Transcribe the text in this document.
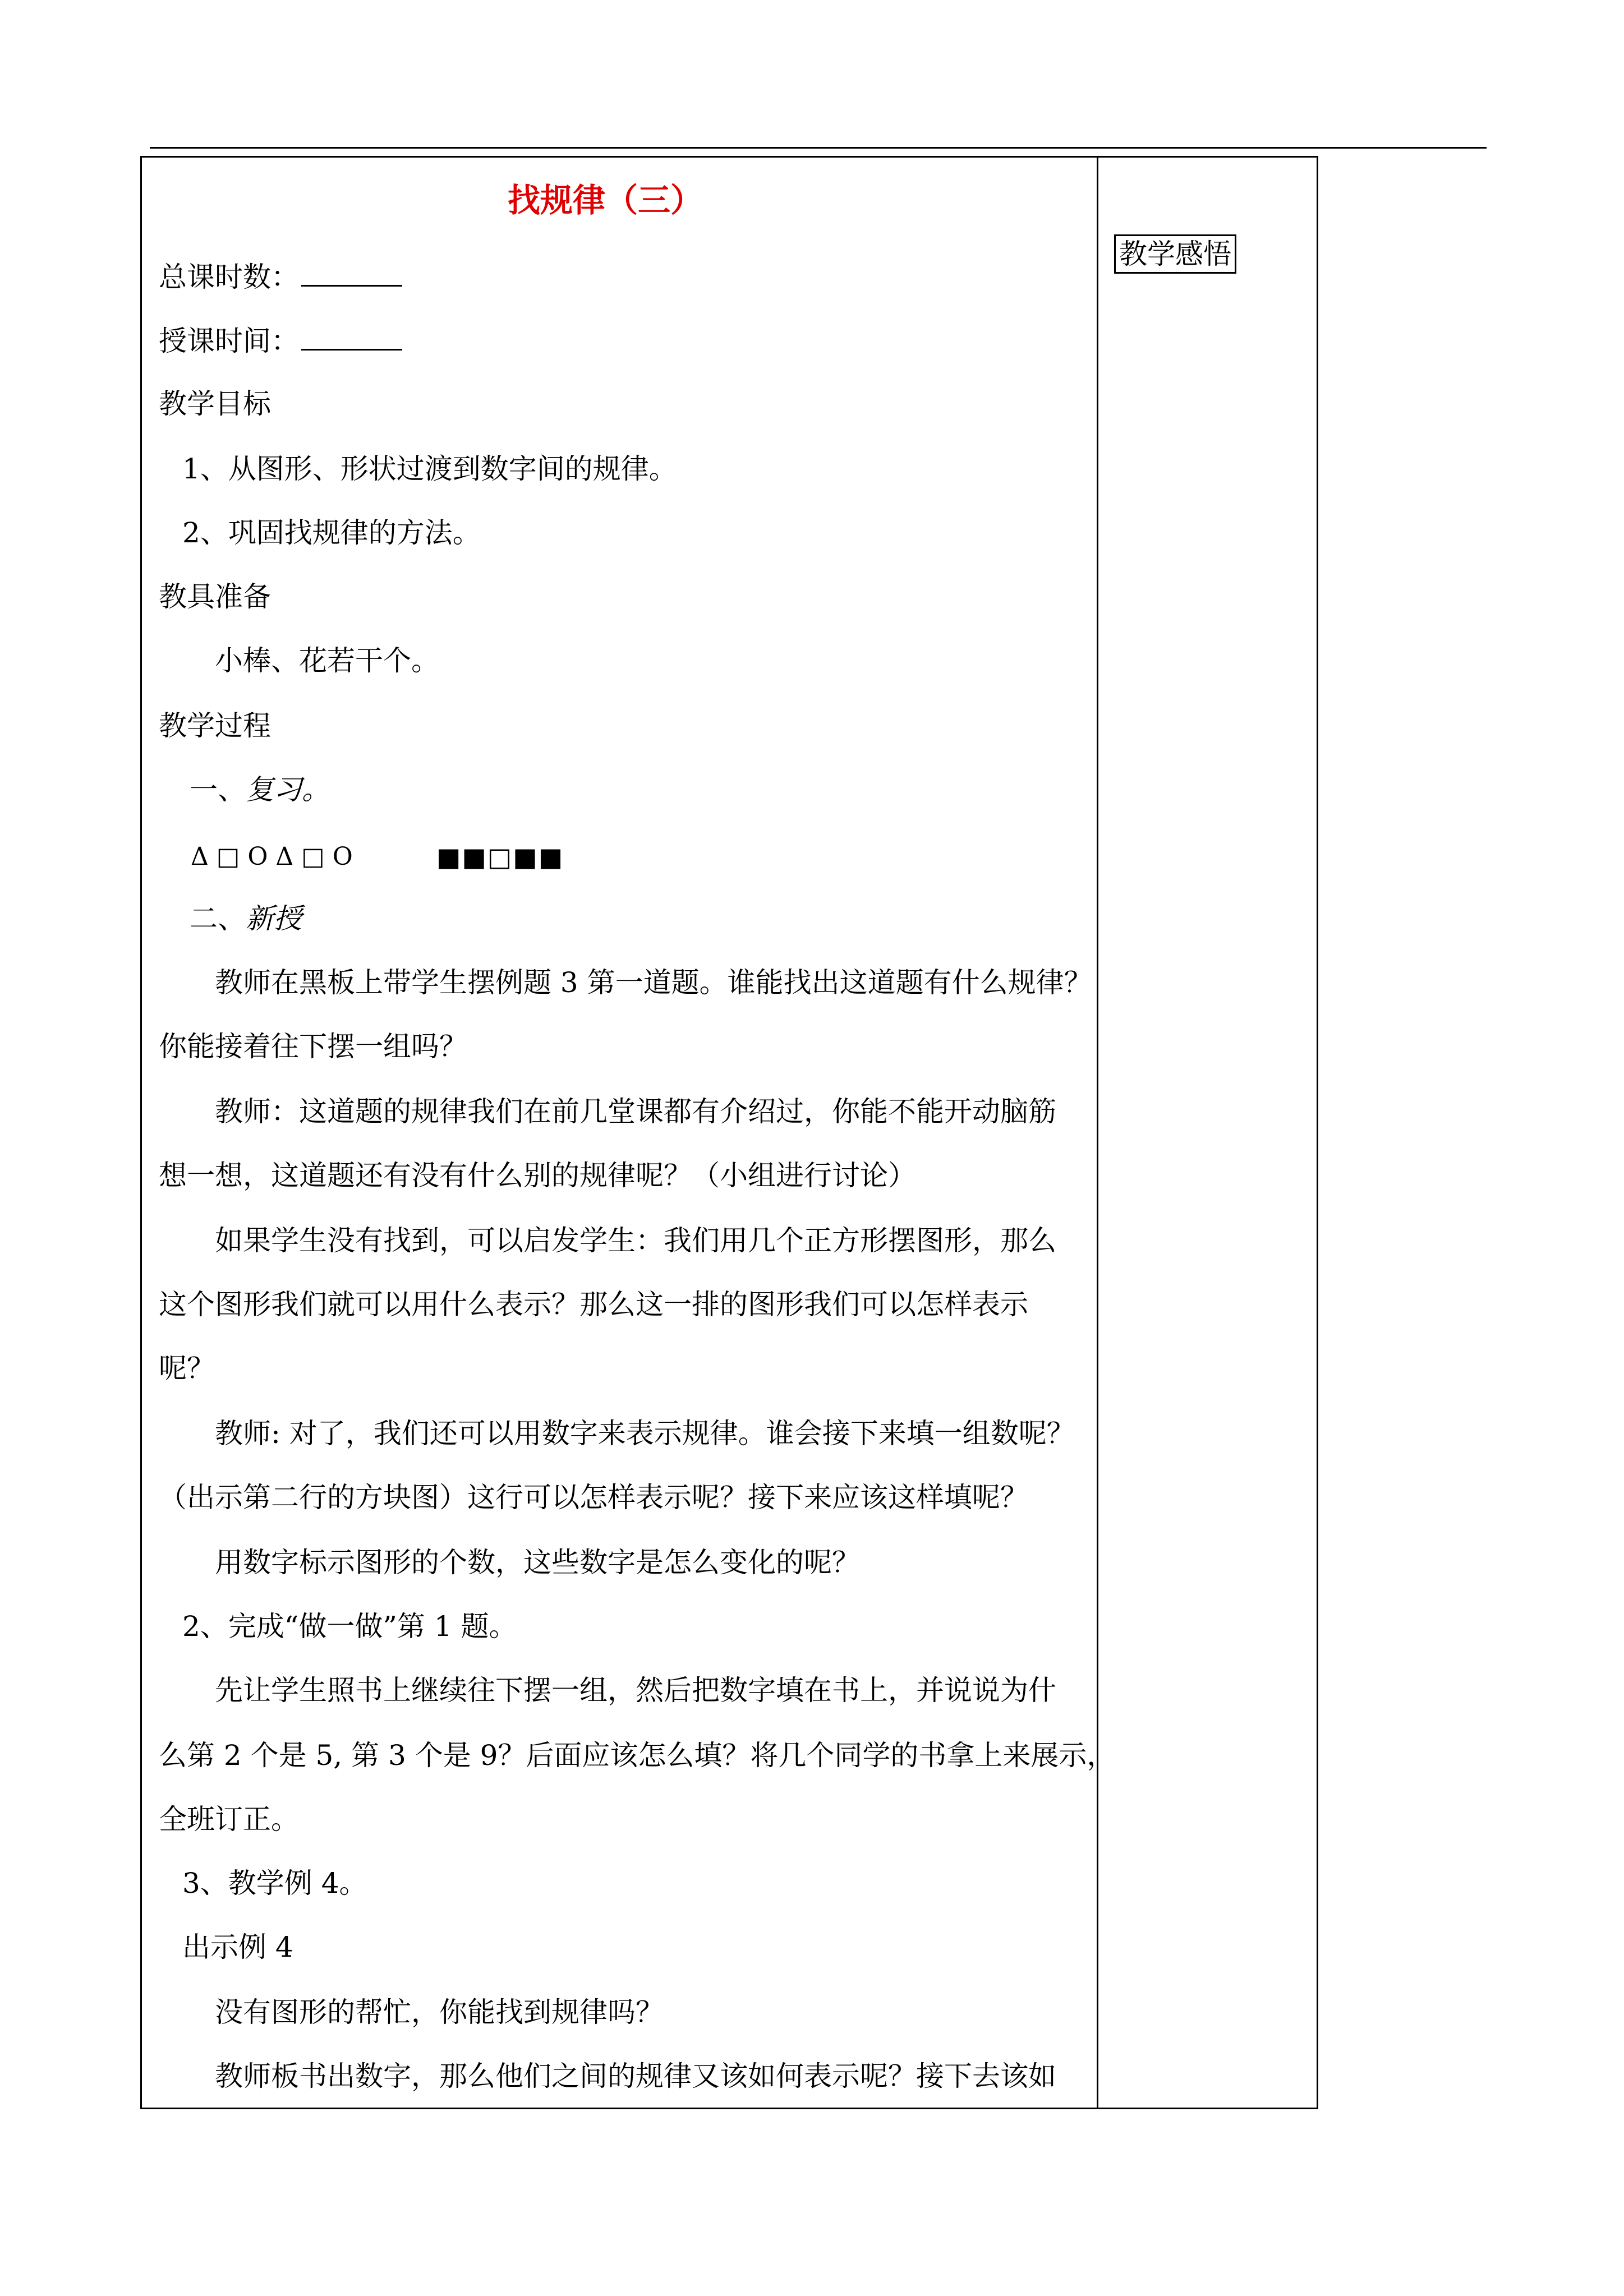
教学感悟
找规律（三）
总课时数：
授课时间：
教学目标
1、从图形、形状过渡到数字间的规律。
2、巩固找规律的方法。
教具准备
小棒、花若干个。
教学过程
一、复习。
Δ □ O Δ □ O	■■□■■
二、新授
教师在黑板上带学生摆例题 3 第一道题。谁能找出这道题有什么规律？
你能接着往下摆一组吗？
教师：这道题的规律我们在前几堂课都有介绍过，你能不能开动脑筋
想一想，这道题还有没有什么别的规律呢？（小组进行讨论）
如果学生没有找到，可以启发学生：我们用几个正方形摆图形，那么
这个图形我们就可以用什么表示？那么这一排的图形我们可以怎样表示
呢？
教师: 对了，我们还可以用数字来表示规律。谁会接下来填一组数呢？
（出示第二行的方块图）这行可以怎样表示呢？接下来应该这样填呢？
用数字标示图形的个数，这些数字是怎么变化的呢？
2、完成“做一做”第 1 题。
先让学生照书上继续往下摆一组，然后把数字填在书上，并说说为什
么第 2 个是 5, 第 3 个是 9？后面应该怎么填？将几个同学的书拿上来展示，
全班订正。
3、教学例 4。
出示例 4
没有图形的帮忙，你能找到规律吗？
教师板书出数字，那么他们之间的规律又该如何表示呢？接下去该如
